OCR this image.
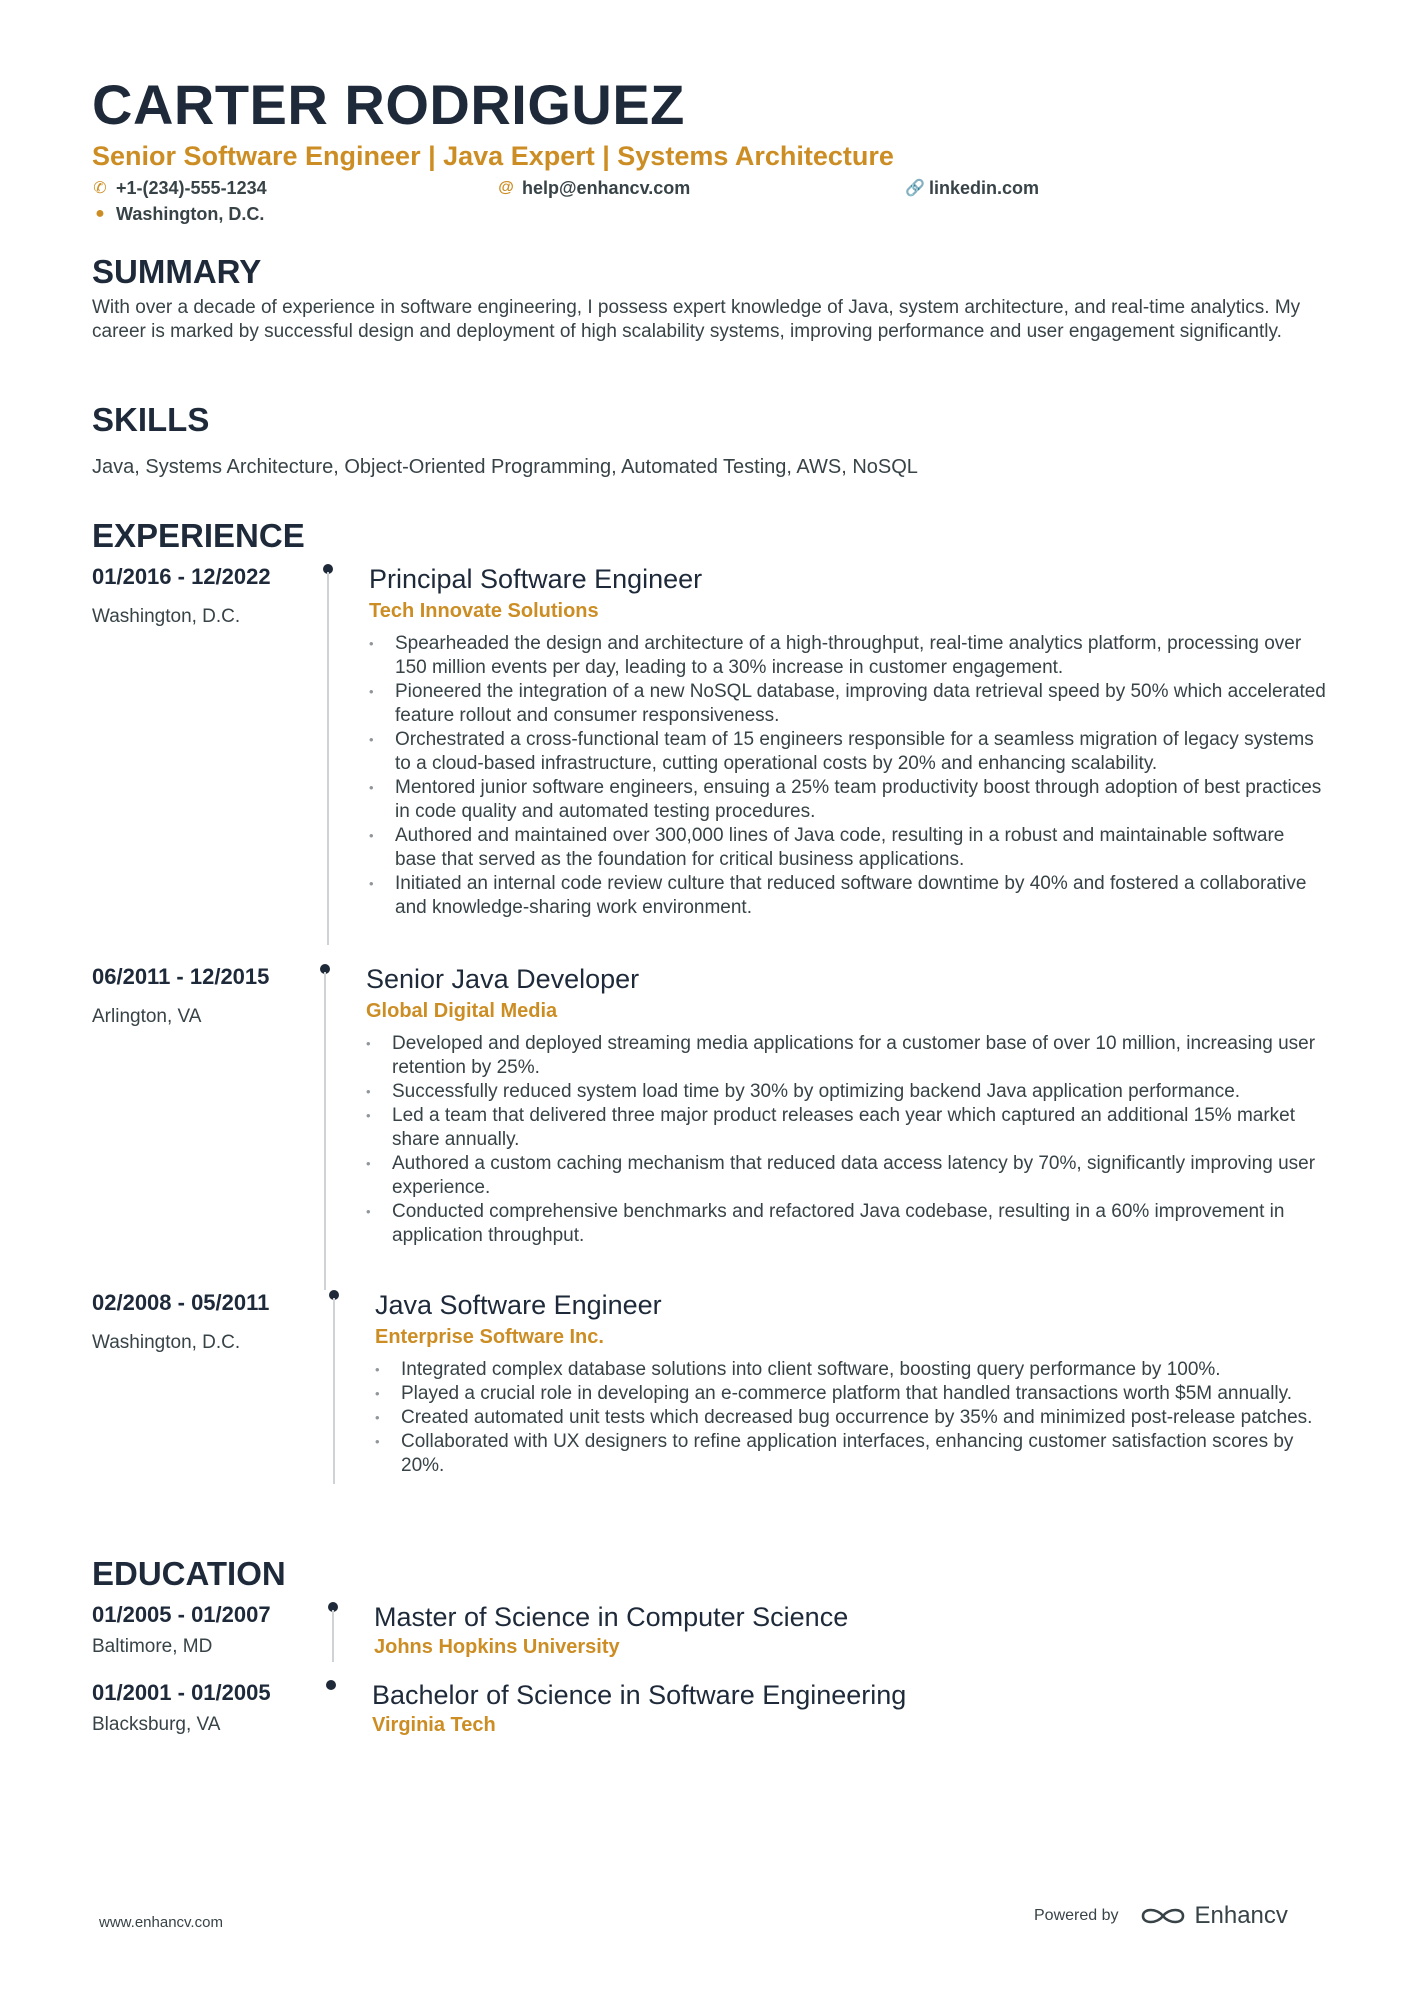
CARTER RODRIGUEZ
Senior Software Engineer | Java Expert | Systems Architecture
✆ +1-(234)-555-1234	@ help@enhancv.com	🔗 linkedin.com
● Washington, D.C.
SUMMARY
With over a decade of experience in software engineering, I possess expert knowledge of Java, system architecture, and real-time analytics. My career is marked by successful design and deployment of high scalability systems, improving performance and user engagement significantly.
SKILLS
Java, Systems Architecture, Object-Oriented Programming, Automated Testing, AWS, NoSQL
EXPERIENCE
01/2016 - 12/2022
Washington, D.C.
Principal Software Engineer
Tech Innovate Solutions
• Spearheaded the design and architecture of a high-throughput, real-time analytics platform, processing over 150 million events per day, leading to a 30% increase in customer engagement.
• Pioneered the integration of a new NoSQL database, improving data retrieval speed by 50% which accelerated feature rollout and consumer responsiveness.
• Orchestrated a cross-functional team of 15 engineers responsible for a seamless migration of legacy systems to a cloud-based infrastructure, cutting operational costs by 20% and enhancing scalability.
• Mentored junior software engineers, ensuing a 25% team productivity boost through adoption of best practices in code quality and automated testing procedures.
• Authored and maintained over 300,000 lines of Java code, resulting in a robust and maintainable software base that served as the foundation for critical business applications.
• Initiated an internal code review culture that reduced software downtime by 40% and fostered a collaborative and knowledge-sharing work environment.
06/2011 - 12/2015
Arlington, VA
Senior Java Developer
Global Digital Media
• Developed and deployed streaming media applications for a customer base of over 10 million, increasing user retention by 25%.
• Successfully reduced system load time by 30% by optimizing backend Java application performance.
• Led a team that delivered three major product releases each year which captured an additional 15% market share annually.
• Authored a custom caching mechanism that reduced data access latency by 70%, significantly improving user experience.
• Conducted comprehensive benchmarks and refactored Java codebase, resulting in a 60% improvement in application throughput.
02/2008 - 05/2011
Washington, D.C.
Java Software Engineer
Enterprise Software Inc.
• Integrated complex database solutions into client software, boosting query performance by 100%.
• Played a crucial role in developing an e-commerce platform that handled transactions worth $5M annually.
• Created automated unit tests which decreased bug occurrence by 35% and minimized post-release patches.
• Collaborated with UX designers to refine application interfaces, enhancing customer satisfaction scores by 20%.
EDUCATION
01/2005 - 01/2007
Baltimore, MD
Master of Science in Computer Science
Johns Hopkins University
01/2001 - 01/2005
Blacksburg, VA
Bachelor of Science in Software Engineering
Virginia Tech
www.enhancv.com	Powered by	Enhancv
